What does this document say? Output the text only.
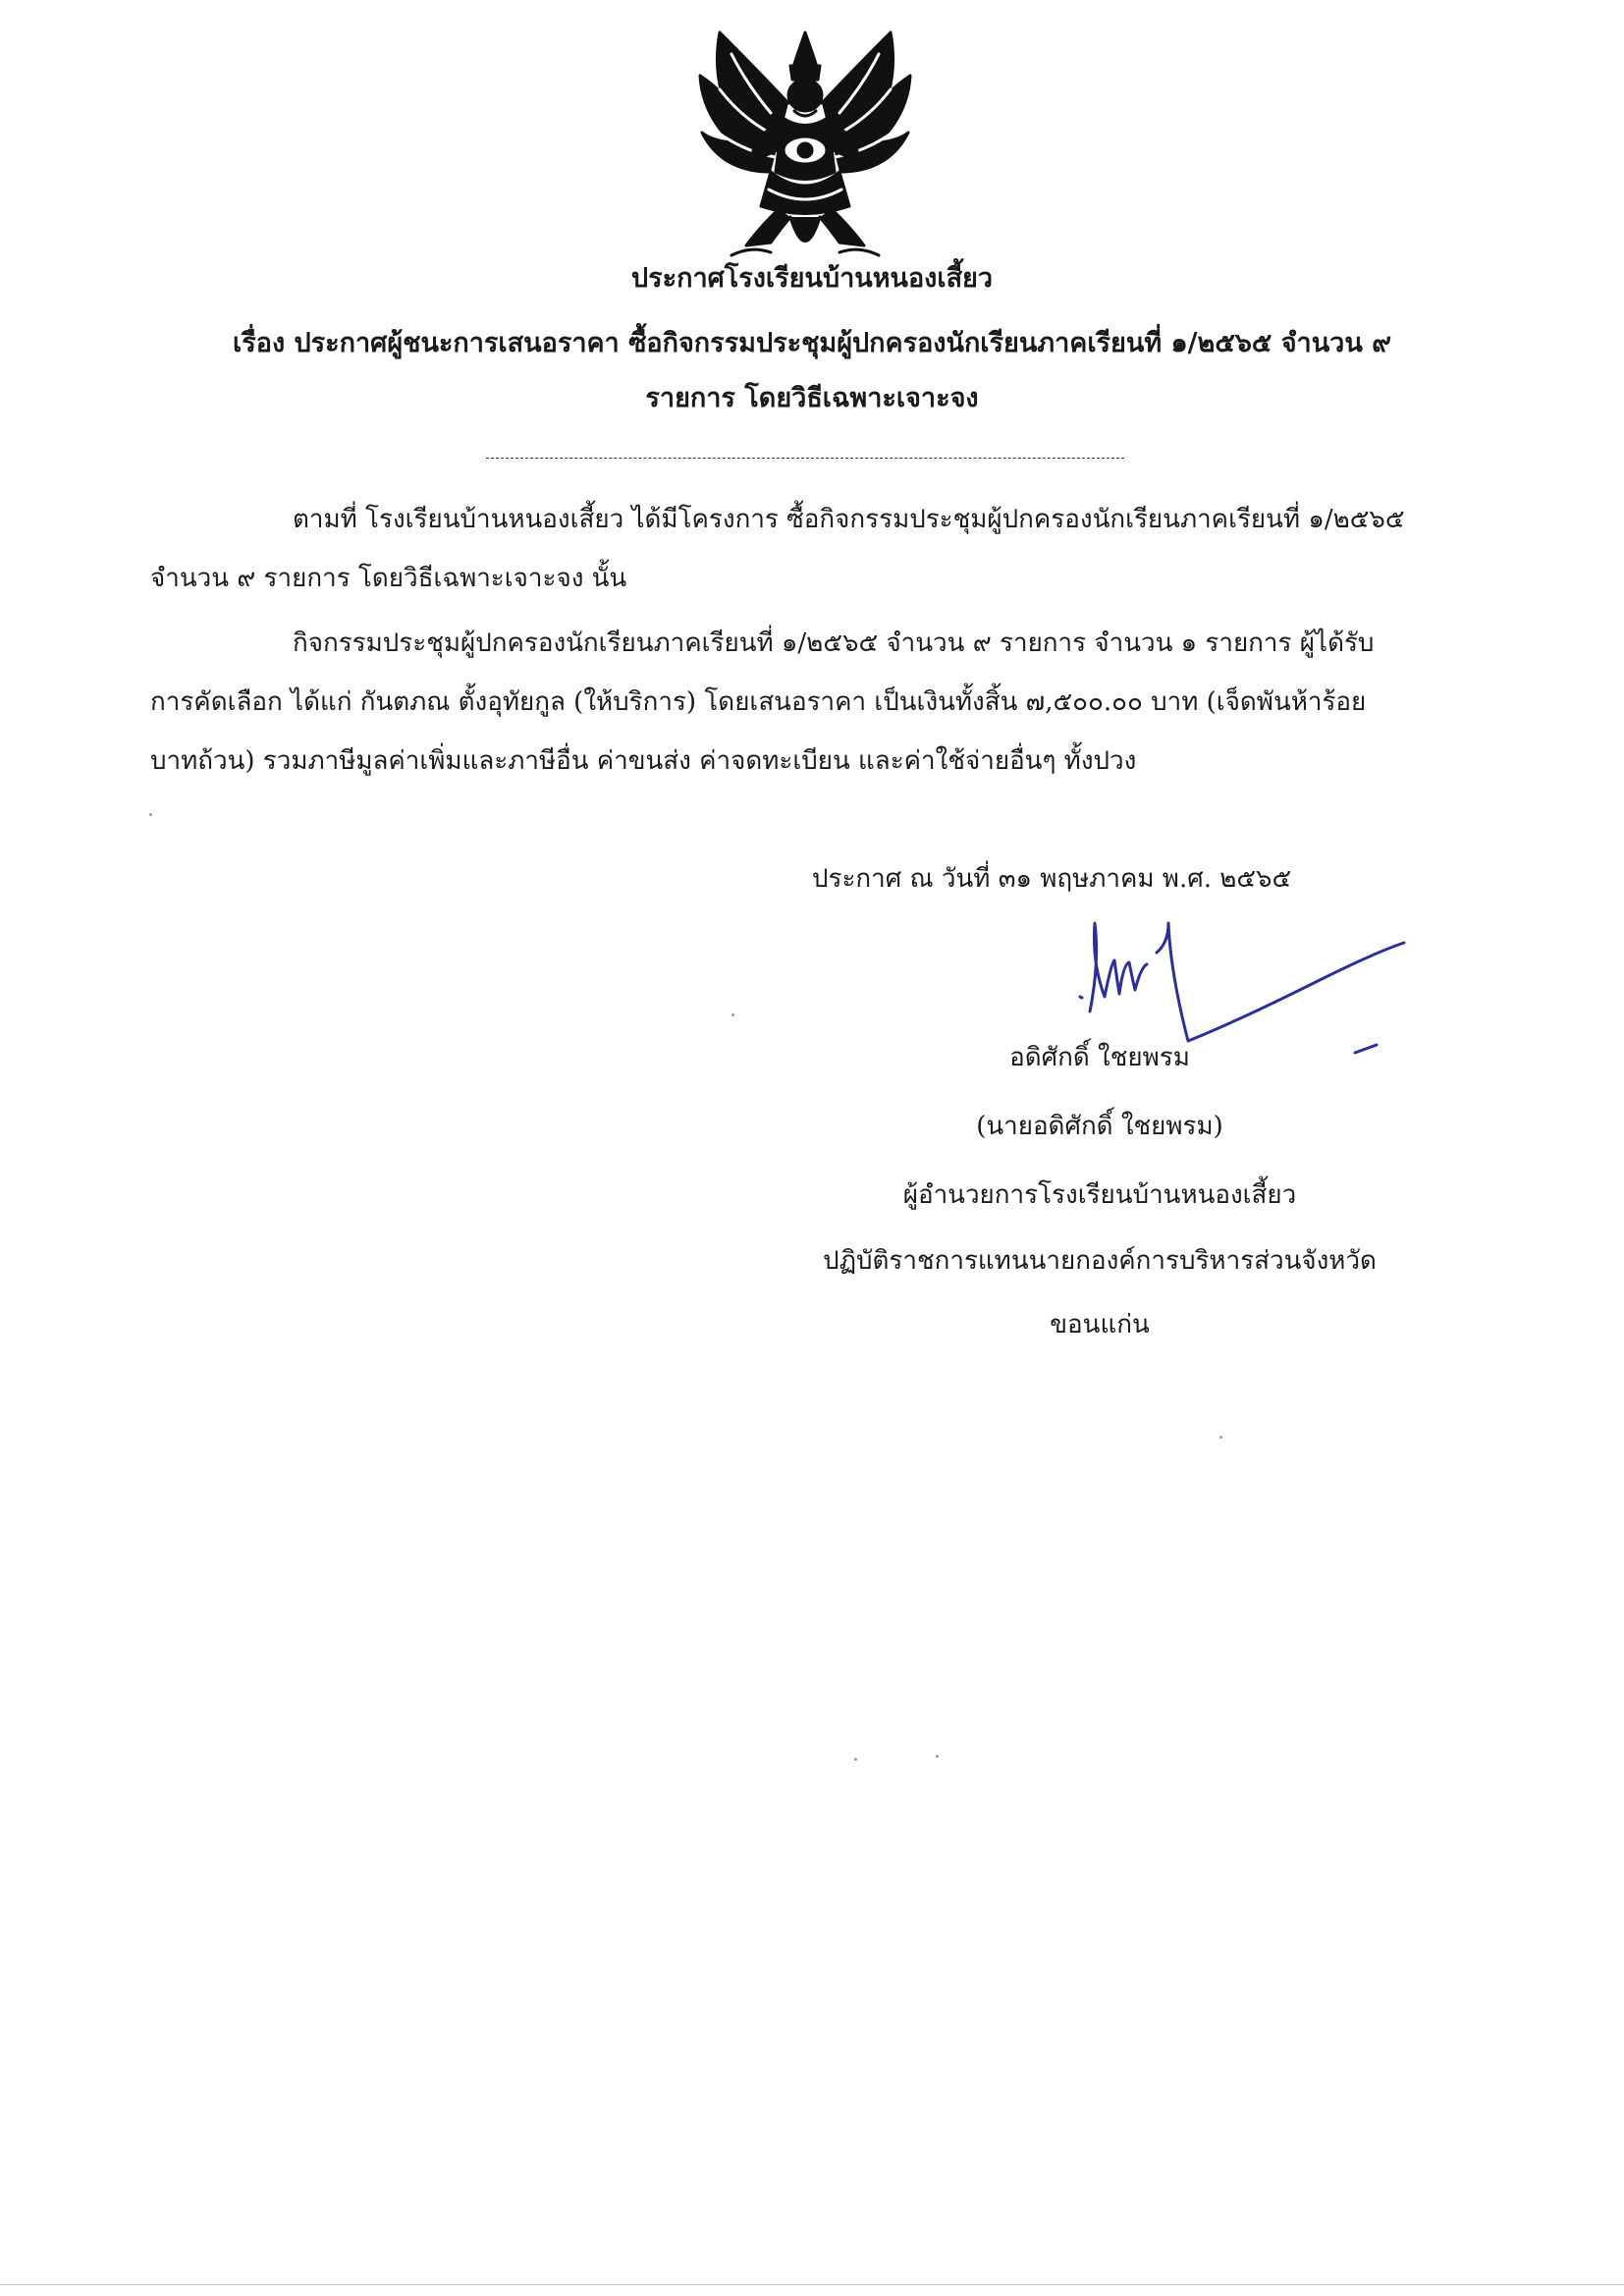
ประกาศโรงเรียนบ้านหนองเสี้ยว
เรื่อง ประกาศผู้ชนะการเสนอราคา ซื้อกิจกรรมประชุมผู้ปกครองนักเรียนภาคเรียนที่ ๑/๒๕๖๕ จำนวน ๙
รายการ โดยวิธีเฉพาะเจาะจง
ตามที่ โรงเรียนบ้านหนองเสี้ยว ได้มีโครงการ ซื้อกิจกรรมประชุมผู้ปกครองนักเรียนภาคเรียนที่ ๑/๒๕๖๕
จำนวน ๙ รายการ โดยวิธีเฉพาะเจาะจง นั้น
กิจกรรมประชุมผู้ปกครองนักเรียนภาคเรียนที่ ๑/๒๕๖๕ จำนวน ๙ รายการ จำนวน ๑ รายการ ผู้ได้รับ
การคัดเลือก ได้แก่ กันตภณ ตั้งอุทัยกูล (ให้บริการ) โดยเสนอราคา เป็นเงินทั้งสิ้น ๗,๕๐๐.๐๐ บาท (เจ็ดพันห้าร้อย
บาทถ้วน) รวมภาษีมูลค่าเพิ่มและภาษีอื่น ค่าขนส่ง ค่าจดทะเบียน และค่าใช้จ่ายอื่นๆ ทั้งปวง
ประกาศ ณ วันที่ ๓๑ พฤษภาคม พ.ศ. ๒๕๖๕
อดิศักดิ์ ใชยพรม
(นายอดิศักดิ์ ใชยพรม)
ผู้อำนวยการโรงเรียนบ้านหนองเสี้ยว
ปฏิบัติราชการแทนนายกองค์การบริหารส่วนจังหวัด
ขอนแก่น
